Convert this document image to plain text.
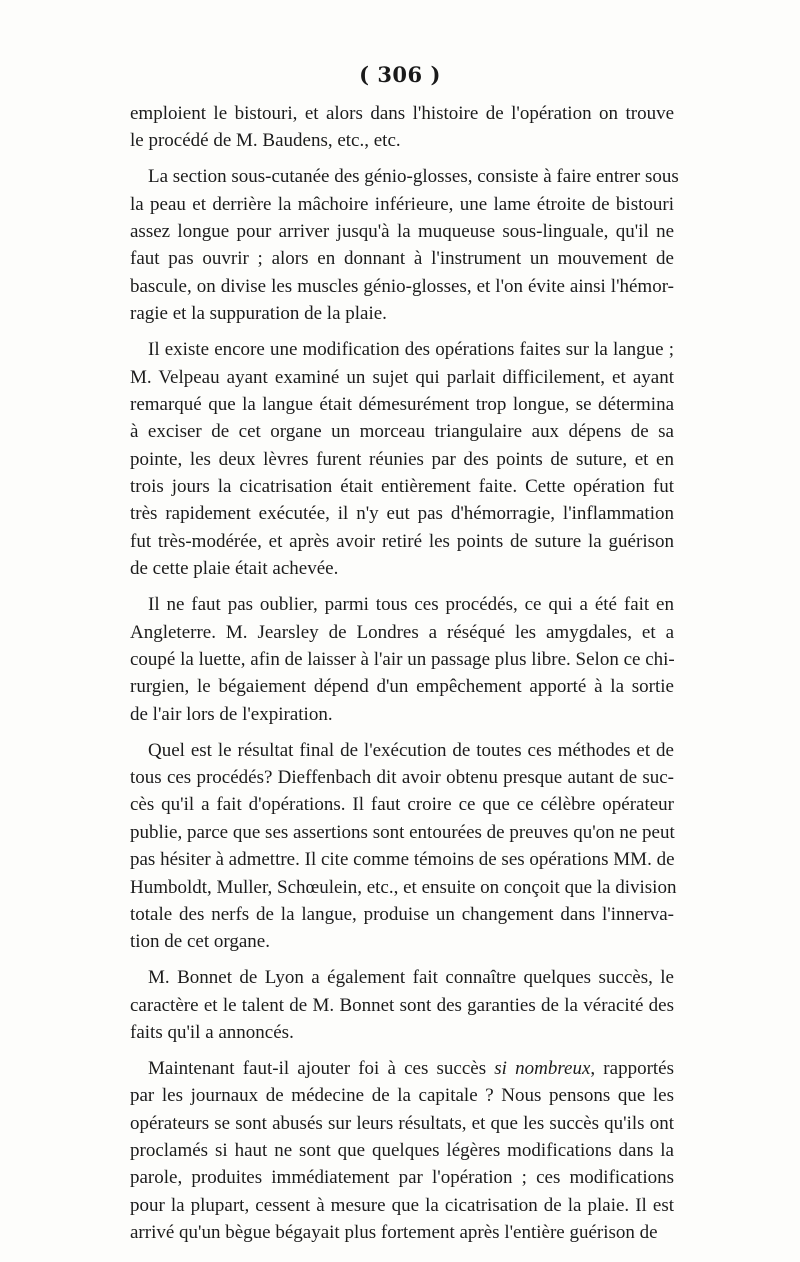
( 306 )
emploient le bistouri, et alors dans l'histoire de l'opération on trouve
le procédé de M. Baudens, etc., etc.
La section sous-cutanée des génio-glosses, consiste à faire entrer sous
la peau et derrière la mâchoire inférieure, une lame étroite de bistouri
assez longue pour arriver jusqu'à la muqueuse sous-linguale, qu'il ne
faut pas ouvrir ; alors en donnant à l'instrument un mouvement de
bascule, on divise les muscles génio-glosses, et l'on évite ainsi l'hémor-
ragie et la suppuration de la plaie.
Il existe encore une modification des opérations faites sur la langue ;
M. Velpeau ayant examiné un sujet qui parlait difficilement, et ayant
remarqué que la langue était démesurément trop longue, se détermina
à exciser de cet organe un morceau triangulaire aux dépens de sa
pointe, les deux lèvres furent réunies par des points de suture, et en
trois jours la cicatrisation était entièrement faite. Cette opération fut
très rapidement exécutée, il n'y eut pas d'hémorragie, l'inflammation
fut très-modérée, et après avoir retiré les points de suture la guérison
de cette plaie était achevée.
Il ne faut pas oublier, parmi tous ces procédés, ce qui a été fait en
Angleterre. M. Jearsley de Londres a réséqué les amygdales, et a
coupé la luette, afin de laisser à l'air un passage plus libre. Selon ce chi-
rurgien, le bégaiement dépend d'un empêchement apporté à la sortie
de l'air lors de l'expiration.
Quel est le résultat final de l'exécution de toutes ces méthodes et de
tous ces procédés? Dieffenbach dit avoir obtenu presque autant de suc-
cès qu'il a fait d'opérations. Il faut croire ce que ce célèbre opérateur
publie, parce que ses assertions sont entourées de preuves qu'on ne peut
pas hésiter à admettre. Il cite comme témoins de ses opérations MM. de
Humboldt, Muller, Schœulein, etc., et ensuite on conçoit que la division
totale des nerfs de la langue, produise un changement dans l'innerva-
tion de cet organe.
M. Bonnet de Lyon a également fait connaître quelques succès, le
caractère et le talent de M. Bonnet sont des garanties de la véracité des
faits qu'il a annoncés.
Maintenant faut-il ajouter foi à ces succès si nombreux, rapportés
par les journaux de médecine de la capitale ? Nous pensons que les
opérateurs se sont abusés sur leurs résultats, et que les succès qu'ils ont
proclamés si haut ne sont que quelques légères modifications dans la
parole, produites immédiatement par l'opération ; ces modifications
pour la plupart, cessent à mesure que la cicatrisation de la plaie. Il est
arrivé qu'un bègue bégayait plus fortement après l'entière guérison de
